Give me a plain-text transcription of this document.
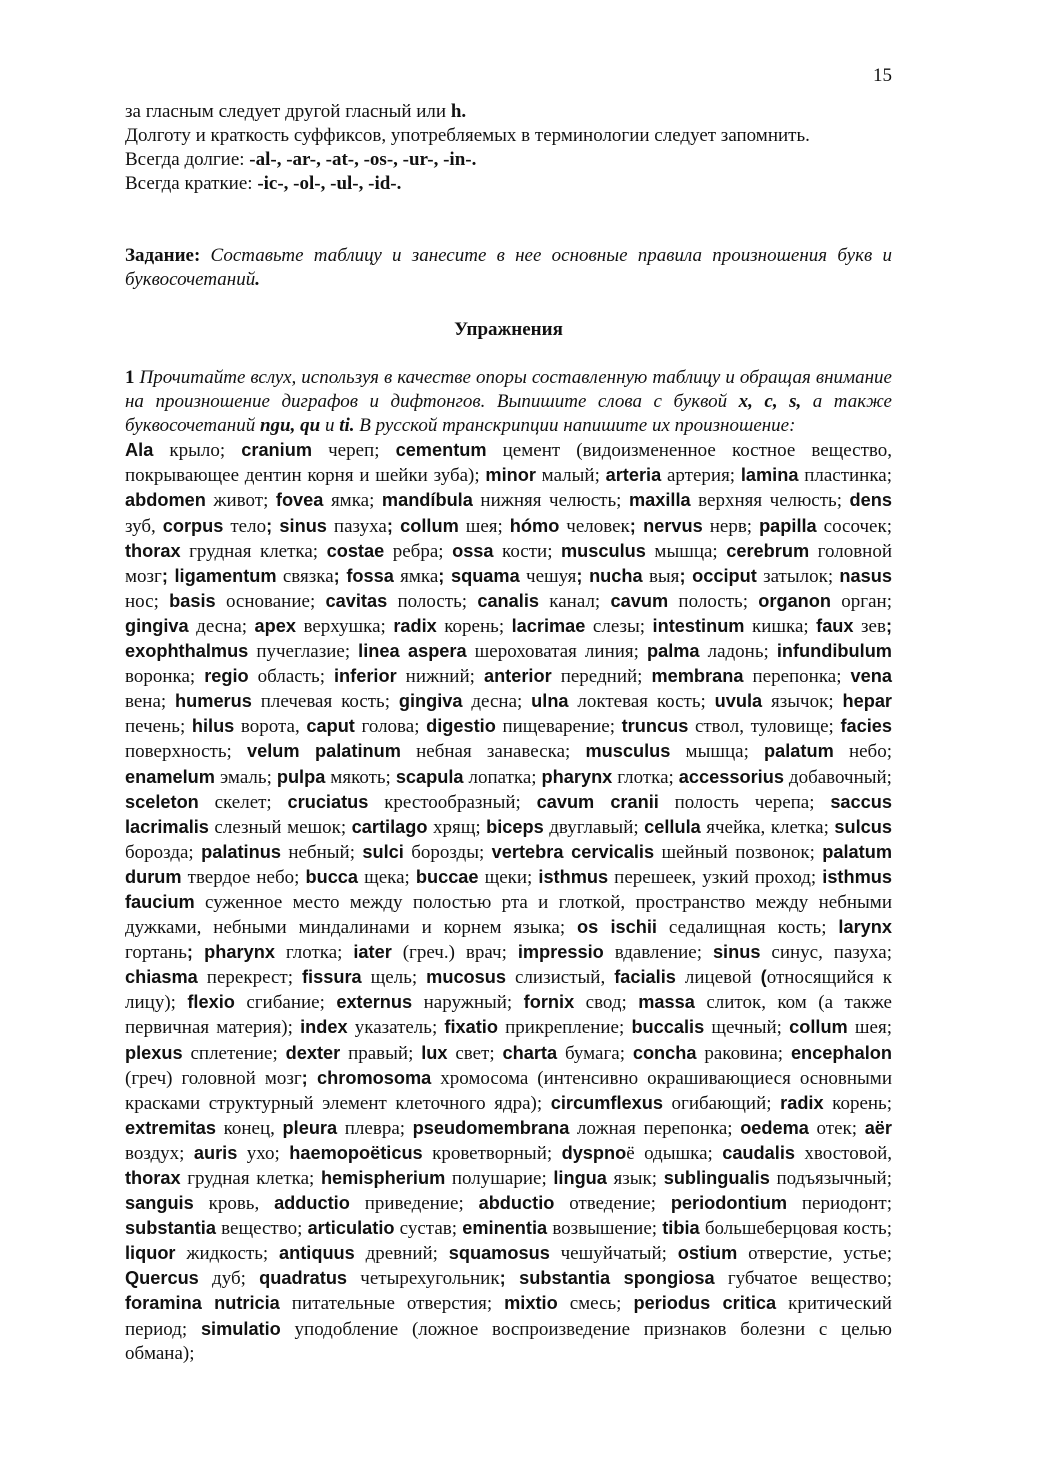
15

за гласным следует другой гласный или h.

Долготу и краткость суффиксов, употребляемых в терминологии следует запомнить.

Всегда долгие: -al-, -ar-, -at-, -os-, -ur-, -in-.

Всегда краткие: -ic-, -ol-, -ul-, -id-.

Задание: Составьте таблицу и занесите в нее основные правила произношения букв и буквосочетаний.

Упражнения

1 Прочитайте вслух, используя в качестве опоры составленную таблицу и обращая внимание на произношение диграфов и дифтонгов. Выпишите слова с буквой x, c, s, а также буквосочетаний ngu, qu и ti. В русской транскрипции напишите их произношение:

Ala крыло; cranium череп; cementum цемент (видоизмененное костное вещество, покрывающее дентин корня и шейки зуба); minor малый; arteria артерия; lamina пластинка; abdomen живот; fovea ямка; mandíbula нижняя челюсть; maxilla верхняя челюсть; dens зуб, corpus тело; sinus пазуха; collum шея; hómo человек; nervus нерв; papilla сосочек; thorax грудная клетка; costae ребра; ossa кости; musculus мышца; cerebrum головной мозг; ligamentum связка; fossa ямка; squama чешуя; nucha выя; occiput затылок; nasus нос; basis основание; cavitas полость; canalis канал; cavum полость; organon орган; gingiva десна; apex верхушка; radix корень; lacrimae слезы; intestinum кишка; faux зев; exophthalmus пучеглазие; linea aspera шероховатая линия; palma ладонь; infundibulum воронка; regio область; inferior нижний; anterior передний; membrana перепонка; vena вена; humerus плечевая кость; gingiva десна; ulna локтевая кость; uvula язычок; hepar печень; hilus ворота, caput голова; digestio пищеварение; truncus ствол, туловище; facies поверхность; velum palatinum небная занавеска; musculus мышца; palatum небо; enamelum эмаль; pulpa мякоть; scapula лопатка; pharynx глотка; accessorius добавочный; sceleton скелет; cruciatus крестообразный; cavum cranii полость черепа; saccus lacrimalis слезный мешок; cartilago хрящ; biceps двуглавый; cellula ячейка, клетка; sulcus борозда; palatinus небный; sulci борозды; vertebra cervicalis шейный позвонок; palatum durum твердое небо; bucca щека; buccae щеки; isthmus перешеек, узкий проход; isthmus faucium суженное место между полостью рта и глоткой, пространство между небными дужками, небными миндалинами и корнем языка; os ischii седалищная кость; larynx гортань; pharynx глотка; iater (греч.) врач; impressio вдавление; sinus синус, пазуха; chiasma перекрест; fissura щель; mucosus слизистый, facialis лицевой (относящийся к лицу); flexio сгибание; externus наружный; fornix свод; massa слиток, ком (а также первичная материя); index указатель; fixatio прикрепление; buccalis щечный; collum шея; plexus сплетение; dexter правый; lux свет; charta бумага; concha раковина; encephalon (греч) головной мозг; chromosoma хромосома (интенсивно окрашивающиеся основными красками структурный элемент клеточного ядра); circumflexus огибающий; radix корень; extremitas конец, pleura плевра; pseudomembrana ложная перепонка; oedema отек; aёr воздух; auris ухо; haemopoёticus кроветворный; dyspnoё одышка; caudalis хвостовой, thorax грудная клетка; hemispherium полушарие; lingua язык; sublingualis подъязычный; sanguis кровь, adductio приведение; abductio отведение; periodontium периодонт; substantia вещество; articulatio сустав; eminentia возвышение; tibia большеберцовая кость; liquor жидкость; antiquus древний; squamosus чешуйчатый; ostium отверстие, устье; Quercus дуб; quadratus четырехугольник; substantia spongiosa губчатое вещество; foramina nutricia питательные отверстия; mixtio смесь; periodus critica критический период; simulatio уподобление (ложное воспроизведение признаков болезни с целью обмана);
